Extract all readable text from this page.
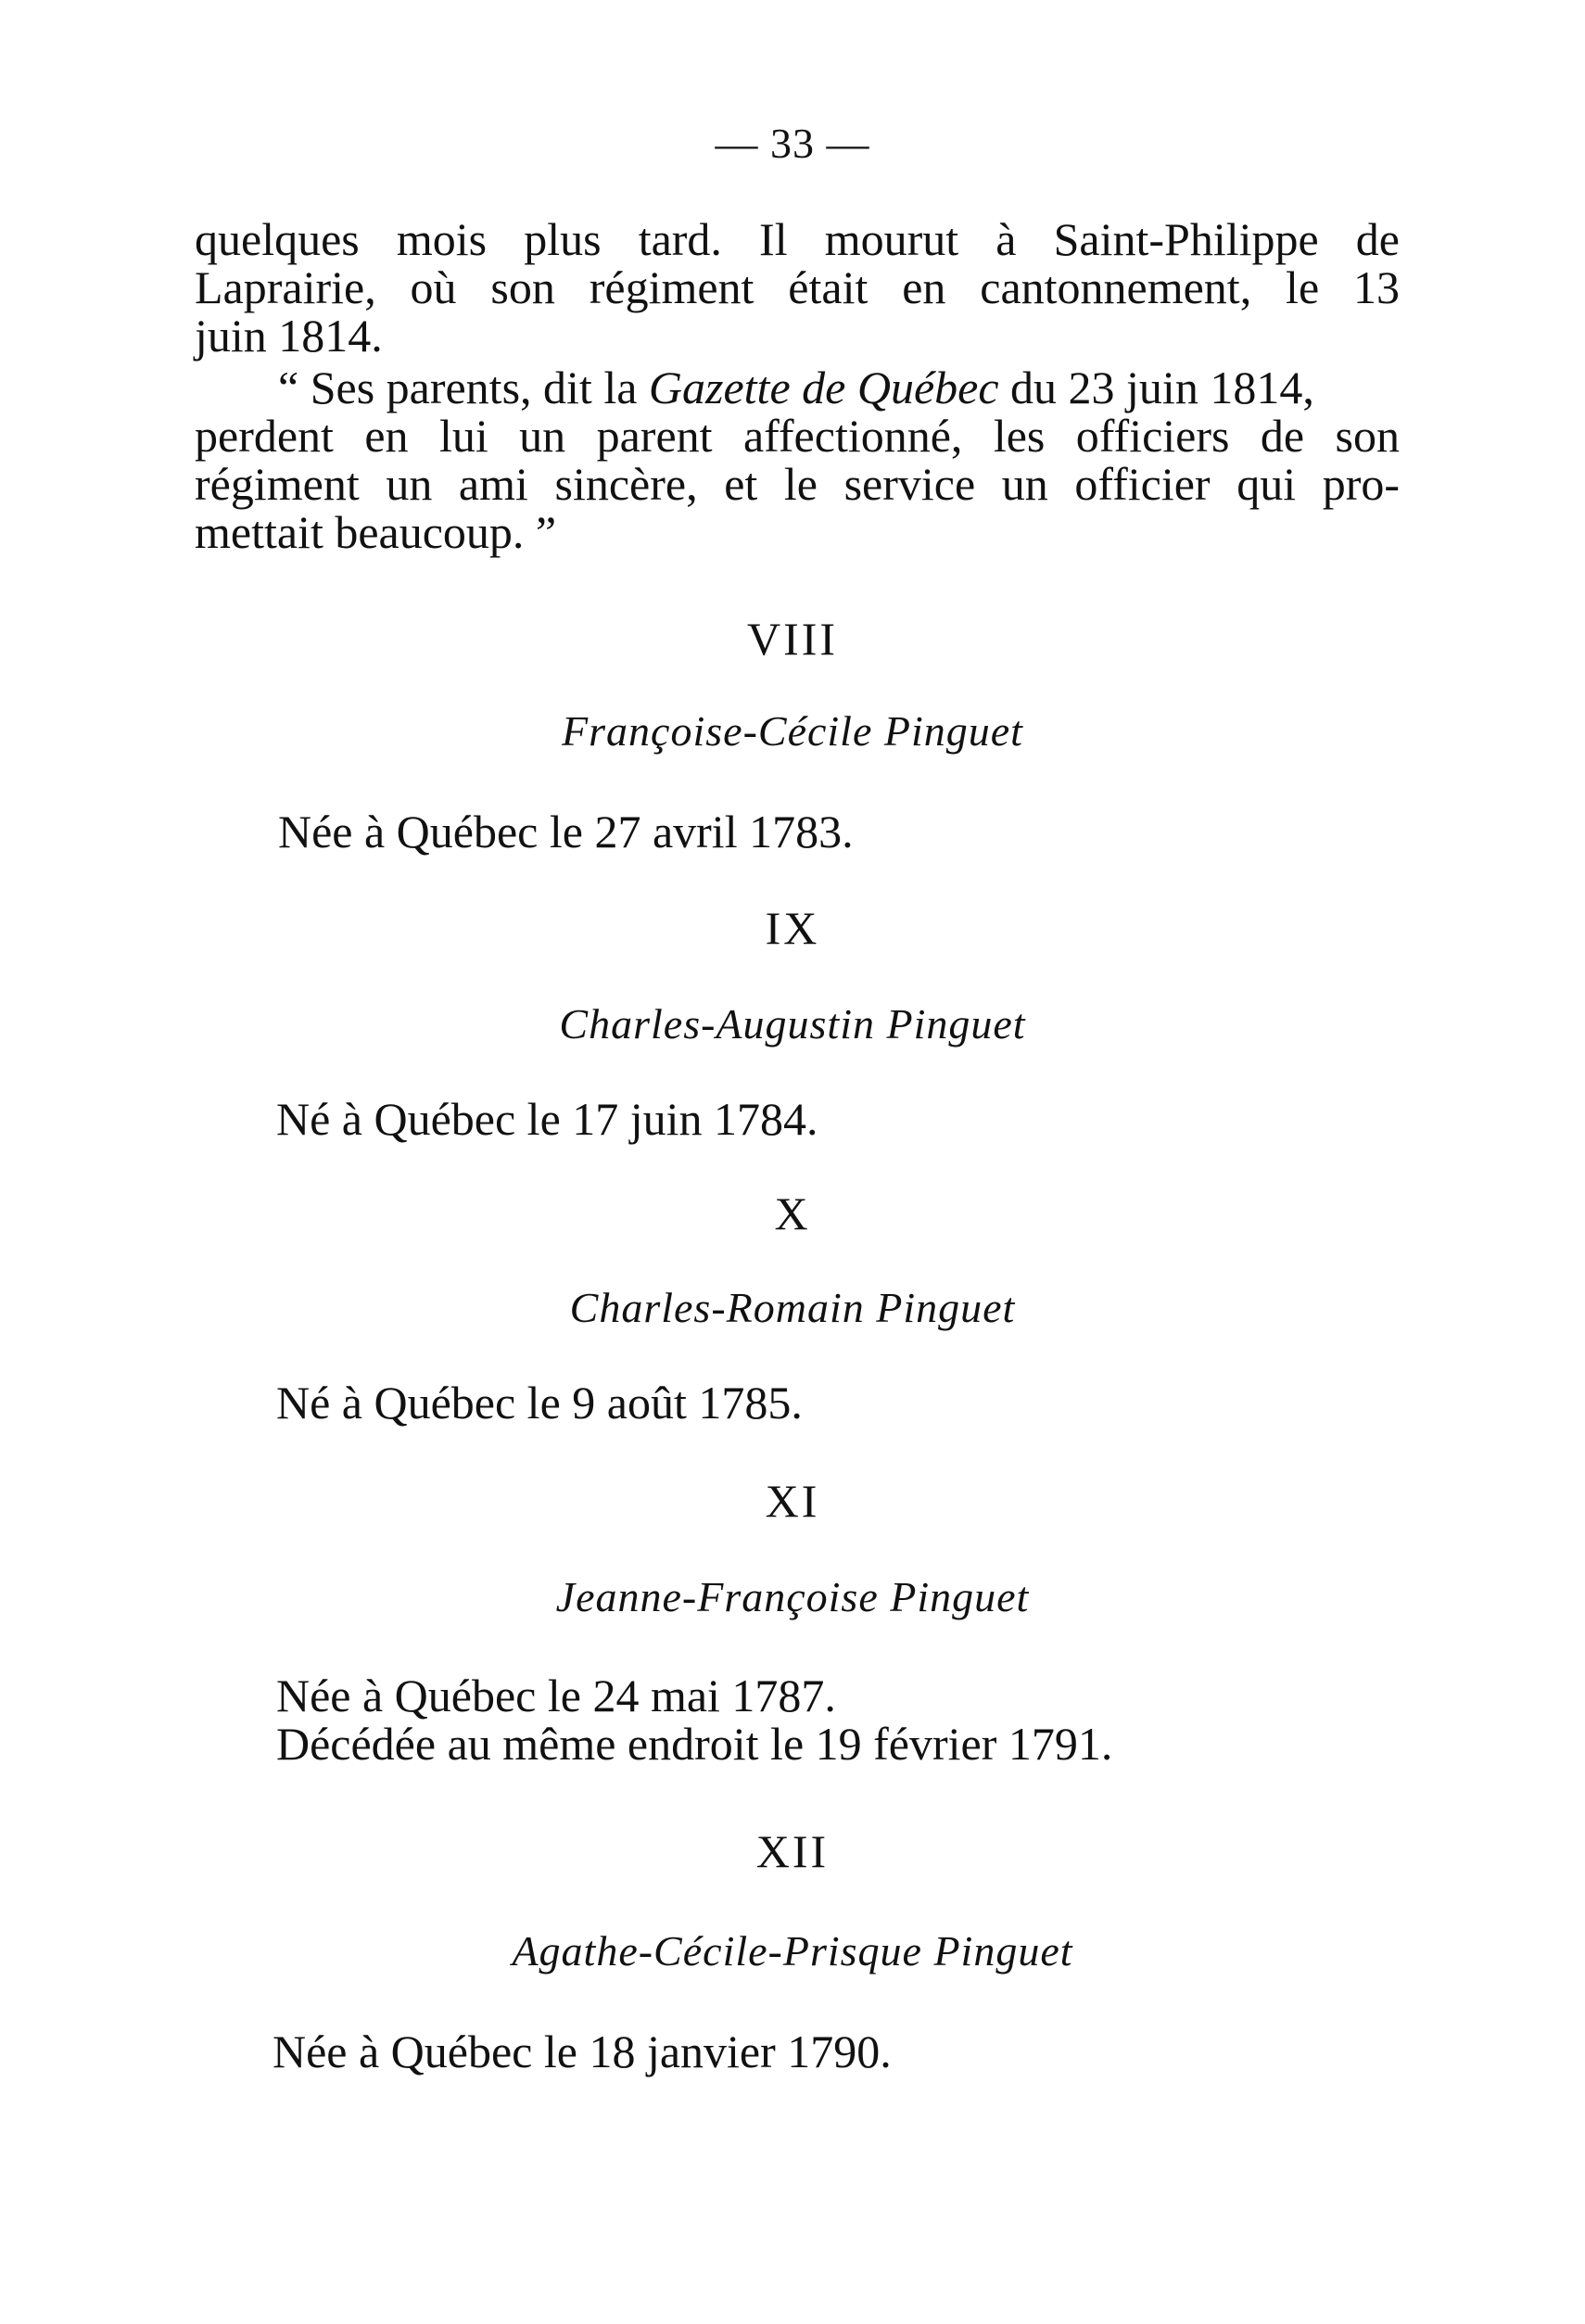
— 33 —
quelques mois plus tard. Il mourut à Saint-Philippe de
Laprairie, où son régiment était en cantonnement, le 13
juin 1814.
“ Ses parents, dit la Gazette de Québec du 23 juin 1814,
perdent en lui un parent affectionné, les officiers de son
régiment un ami sincère, et le service un officier qui pro-
mettait beaucoup. ”
VIII
Françoise-Cécile Pinguet
Née à Québec le 27 avril 1783.
IX
Charles-Augustin Pinguet
Né à Québec le 17 juin 1784.
X
Charles-Romain Pinguet
Né à Québec le 9 août 1785.
XI
Jeanne-Françoise Pinguet
Née à Québec le 24 mai 1787.
Décédée au même endroit le 19 février 1791.
XII
Agathe-Cécile-Prisque Pinguet
Née à Québec le 18 janvier 1790.
